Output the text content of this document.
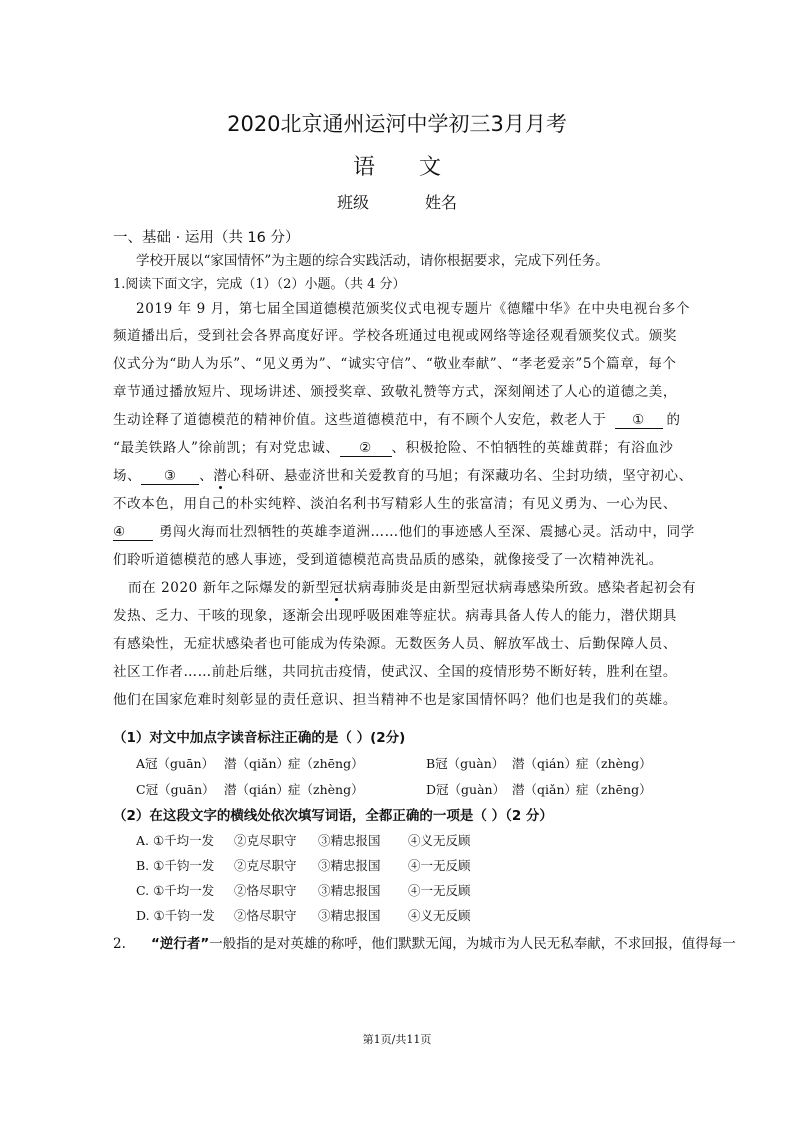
2020北京通州运河中学初三3月月考
语 文
班级	姓名
一、基础 · 运用（共 16 分）
学校开展以“家国情怀”为主题的综合实践活动，请你根据要求，完成下列任务。
1.阅读下面文字，完成（1）（2）小题。（共 4 分）
2019 年 9 月，第七届全国道德模范颁奖仪式电视专题片《德耀中华》在中央电视台多个
频道播出后，受到社会各界高度好评。学校各班通过电视或网络等途径观看颁奖仪式。颁奖
仪式分为“助人为乐”、“见义勇为”、“诚实守信”、“敬业奉献”、“孝老爱亲”5个篇章，每个
章节通过播放短片、现场讲述、颁授奖章、致敬礼赞等方式，深刻阐述了人心的道德之美，
生动诠释了道德模范的精神价值。这些道德模范中，有不顾个人安危，救老人于 ① 的
“最美铁路人”徐前凯；有对党忠诚、 ② 、积极抢险、不怕牺牲的英雄黄群；有浴血沙
场、 ③ 、潜心科研、悬壶济世和关爱教育的马旭；有深藏功名、尘封功绩，坚守初心、
不改本色，用自己的朴实纯粹、淡泊名利书写精彩人生的张富清；有见义勇为、一心为民、
④ 勇闯火海而壮烈牺牲的英雄李道洲……他们的事迹感人至深、震撼心灵。活动中，同学
们聆听道德模范的感人事迹，受到道德模范高贵品质的感染，就像接受了一次精神洗礼。
而在 2020 新年之际爆发的新型冠状病毒肺炎是由新型冠状病毒感染所致。感染者起初会有
发热、乏力、干咳的现象，逐渐会出现呼吸困难等症状。病毒具备人传人的能力，潜伏期具
有感染性，无症状感染者也可能成为传染源。无数医务人员、解放军战士、后勤保障人员、
社区工作者……前赴后继，共同抗击疫情，使武汉、全国的疫情形势不断好转，胜利在望。
他们在国家危难时刻彰显的责任意识、担当精神不也是家国情怀吗？他们也是我们的英雄。
（1）对文中加点字读音标注正确的是（ ）(2分)
A冠（guān） 潜（qiǎn）症（zhēng）	B冠（guàn） 潜（qián）症（zhèng）
C冠（guān） 潜（qián）症（zhèng）	D冠（guàn） 潜（qiǎn）症（zhēng）
（2）在这段文字的横线处依次填写词语，全都正确的一项是（ ）（2 分）
A. ①千均一发 ②克尽职守 ③精忠报国 ④义无反顾
B. ①千钧一发 ②克尽职守 ③精忠报国 ④一无反顾
C. ①千均一发 ②恪尽职守 ③精忠报国 ④一无反顾
D. ①千钧一发 ②恪尽职守 ③精忠报国 ④义无反顾
2. “逆行者”一般指的是对英雄的称呼，他们默默无闻，为城市为人民无私奉献，不求回报，值得每一
第1页/共11页
